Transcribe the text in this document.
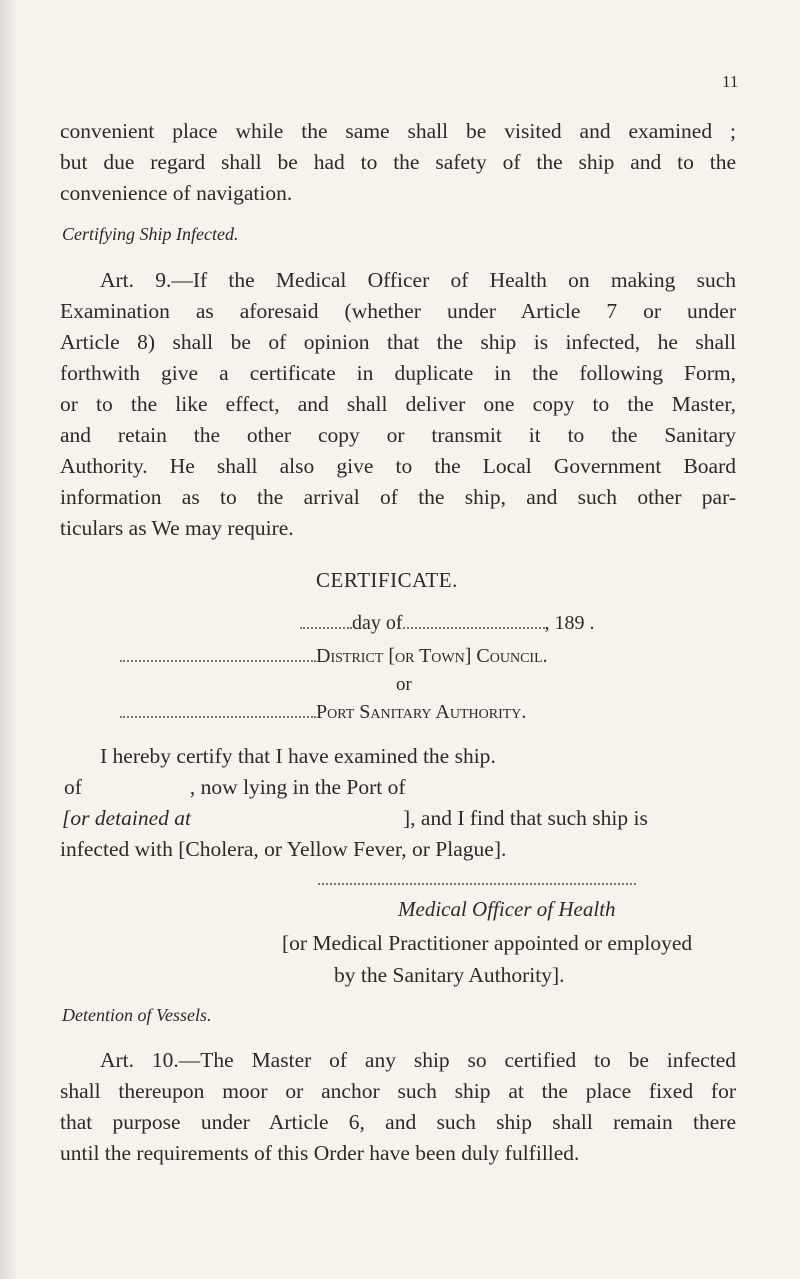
11
convenient place while the same shall be visited and examined ;
but due regard shall be had to the safety of the ship and to the
convenience of navigation.
Certifying Ship Infected.
Art. 9.—If the Medical Officer of Health on making such
Examination as aforesaid (whether under Article 7 or under
Article 8) shall be of opinion that the ship is infected, he shall
forthwith give a certificate in duplicate in the following Form,
or to the like effect, and shall deliver one copy to the Master,
and retain the other copy or transmit it to the Sanitary
Authority. He shall also give to the Local Government Board
information as to the arrival of the ship, and such other par-
ticulars as We may require.
CERTIFICATE.
day of	, 189 .
District [or Town] Council.
or
Port Sanitary Authority.
I hereby certify that I have examined the ship.
of	, now lying in the Port of
[or detained at	], and I find that such ship is
infected with [Cholera, or Yellow Fever, or Plague].
Medical Officer of Health
[or Medical Practitioner appointed or employed
by the Sanitary Authority].
Detention of Vessels.
Art. 10.—The Master of any ship so certified to be infected
shall thereupon moor or anchor such ship at the place fixed for
that purpose under Article 6, and such ship shall remain there
until the requirements of this Order have been duly fulfilled.
